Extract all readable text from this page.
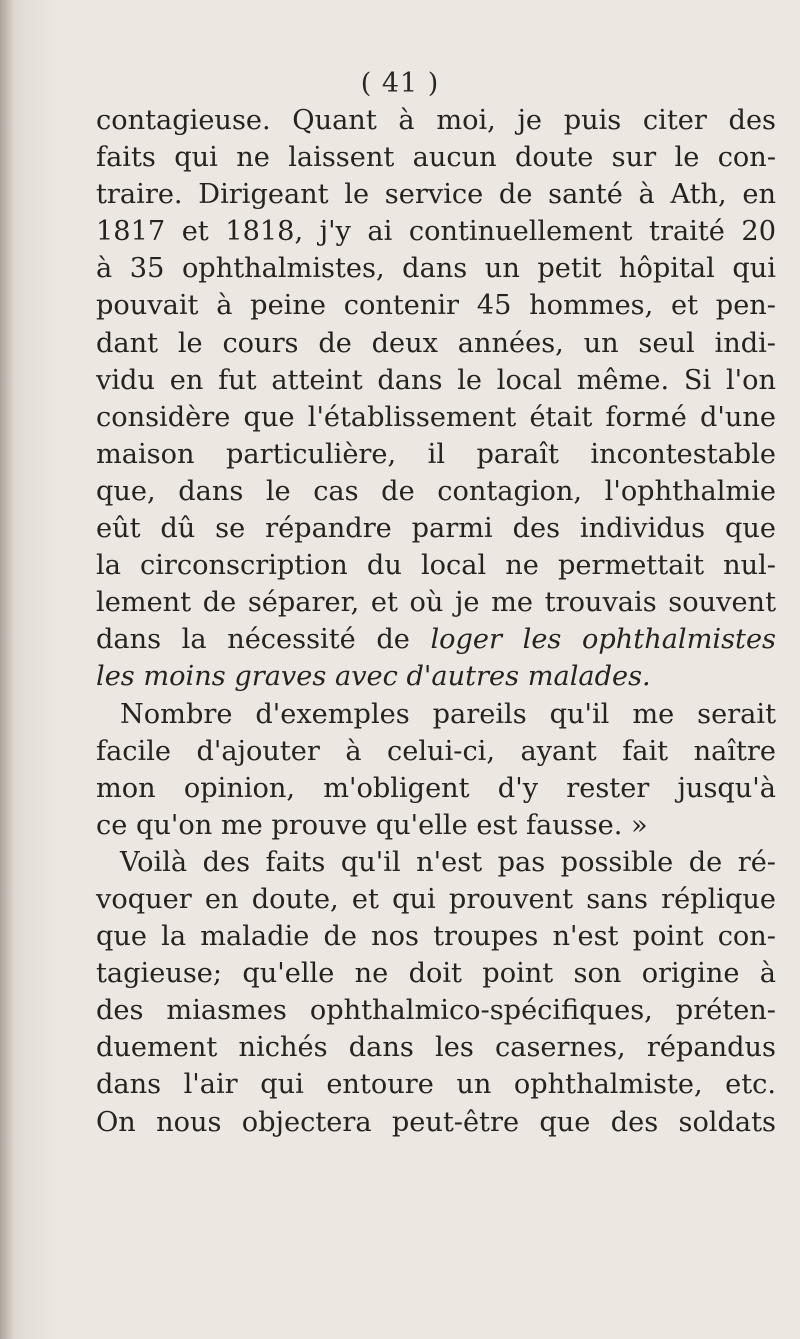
( 41 )
contagieuse. Quant à moi, je puis citer des
faits qui ne laissent aucun doute sur le con-
traire. Dirigeant le service de santé à Ath, en
1817 et 1818, j'y ai continuellement traité 20
à 35 ophthalmistes, dans un petit hôpital qui
pouvait à peine contenir 45 hommes, et pen-
dant le cours de deux années, un seul indi-
vidu en fut atteint dans le local même. Si l'on
considère que l'établissement était formé d'une
maison particulière, il paraît incontestable
que, dans le cas de contagion, l'ophthalmie
eût dû se répandre parmi des individus que
la circonscription du local ne permettait nul-
lement de séparer, et où je me trouvais souvent
dans la nécessité de loger les ophthalmistes
les moins graves avec d'autres malades.
Nombre d'exemples pareils qu'il me serait
facile d'ajouter à celui-ci, ayant fait naître
mon opinion, m'obligent d'y rester jusqu'à
ce qu'on me prouve qu'elle est fausse. »
Voilà des faits qu'il n'est pas possible de ré-
voquer en doute, et qui prouvent sans réplique
que la maladie de nos troupes n'est point con-
tagieuse; qu'elle ne doit point son origine à
des miasmes ophthalmico-spécifiques, préten-
duement nichés dans les casernes, répandus
dans l'air qui entoure un ophthalmiste, etc.
On nous objectera peut-être que des soldats
